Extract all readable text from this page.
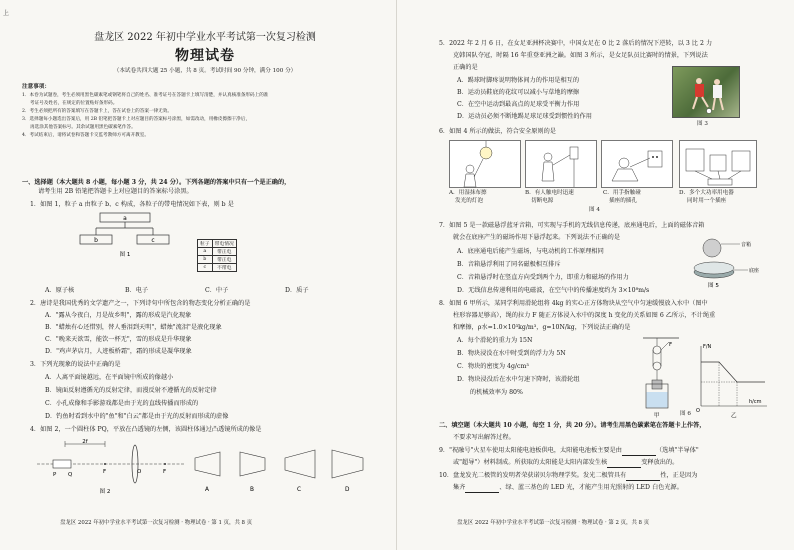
上
盘龙区 2022 年初中学业水平考试第一次复习检测
物理试卷
（本试卷共四大题 25 小题，共 8 页。考试时间 90 分钟，满分 100 分）
注意事项：
1．本卷为试题卷，考生必须用黑色碳素笔或钢笔将自己的姓名、准考证号在答题卡上填写清楚，并认真核准条形码上的准
考证号及姓名，在规定的位置贴好条形码。
2．考生必须把所有的答案填写在答题卡上，答在试卷上的答案一律无效。
3．选择题每小题选出答案后，用 2B 铅笔把答题卡上对应题目的答案标号涂黑，如需改动，用橡皮擦擦干净后，
再选涂其他答案标号。其余试题用黑色碳素笔作答。
4．考试结束后，请将试卷和答题卡交监考教师方可离开教室。
一、选择题（本大题共 8 小题，每小题 3 分，共 24 分）。下列各题的答案中只有一个是正确的，
请考生用 2B 铅笔把答题卡上对应题目的答案标号涂黑。
1．如图 1，粒子 a 由粒子 b、c 构成，各粒子的带电情况如下表，则 b 是
a
b	c
图 1
粒子	带电情况
a	带正电
b	带正电
c	不带电
A．原子核	B．电子	C．中子	D．质子
2．唐诗是我国优秀的文学遗产之一，下列诗句中所包含的物态变化分析正确的是
A．"露从今夜白，月是故乡明"，露的形成是汽化现象
B．"蜡烛有心还惜别，替人垂泪到天明"，蜡烛"流泪"是液化现象
C．"晚来天欲雪，能饮一杯无"，雪的形成是升华现象
D．"鸡声茅店月，人迹板桥霜"，霜的形成是凝华现象
3．下列光现象的说法中正确的是
A．人离平面镜越远，在平面镜中所成的像越小
B．镜面反射遵循光的反射定律，而漫反射不遵循光的反射定律
C．小孔成像和手影游戏都是由于光的直线传播而形成的
D．钓鱼时看到水中的"鱼"和"白云"都是由于光的反射而形成的虚像
4．如图 2，一个圆柱体 PQ，平放在凸透镜的左侧，该圆柱体通过凸透镜所成的像是
2f
P Q	F	O	F
图 2	A	B	C	D
盘龙区 2022 年初中学业水平考试第一次复习检测 · 物理试卷 · 第 1 页，共 8 页
5．2022 年 2 月 6 日，在女足亚洲杯决赛中，中国女足在 0 比 2 落后的情况下逆转，以 3 比 2 力
克韩国队夺冠，时隔 16 年重登亚洲之巅。如图 3 所示，是女足队员比赛时的情景，下列说法
正确的是
A．踢球时脚疼说明物体间力的作用是相互的
B．运动员鞋底的花纹可以减小与草地的摩擦
C．在空中运动到最高点的足球受平衡力作用
D．运动员必须不断地踢足球足球受到惯性的作用
图 3
6．如图 4 所示的做法，符合安全原则的是
A．用湿抹布擦
发光的灯泡
B．有人触电时迅速
切断电源
C．用手指触碰
插座的插孔
D．多个大功率用电器
同时用一个插座
图 4
7．如图 5 是一款磁悬浮蓝牙音箱，可实现与手机的无线信息传递，底座通电后，上面的磁体音箱
就会在底座产生的磁场作用下悬浮起来。下列说法不正确的是
A．底座通电后能产生磁场，与电动机的工作原理相同
B．音箱悬浮利用了同名磁极相互排斥
C．音箱悬浮时在竖直方向受到两个力，即重力和磁场的作用力
D．无线信息传递利用的电磁波，在空气中的传播速度约为 3×10⁸m/s
音箱
底座
图 5
8．如图 6 甲所示，某同学利用滑轮组将 4kg 的实心正方体物块从空气中匀速缓慢放入水中（图中
柱形容器足够高），绳的拉力 F 随正方体浸入水中的深度 h 变化的关系如图 6 乙所示，不计绳重
和摩擦，ρ水=1.0×10³kg/m³，g=10N/kg，下列说法正确的是
A．每个滑轮的重力为 15N
B．物块浸没在水中时受到的浮力为 5N
C．物块的密度为 4g/cm³
D．物块浸没后在水中匀速下降时，该滑轮组
的机械效率为 80%
F
甲
F/N
h/cm
O
乙
图 6
二、填空题（本大题共 10 小题，每空 1 分，共 20 分）。请考生用黑色碳素笔在答题卡上作答，
不要求写出解答过程。
9．"祝融号"火星车使用太阳能电池板供电，太阳能电池板主要是由	（选填"半导体"
或"超导"）材料制成。所获取的太阳能是太阳内部发生核	变释放出的。
10．盘龙发光二极管的发明者荣获诺贝尔物理学奖。发光二极管具有	性，正是因为
集齐	、绿、蓝三基色的 LED 光，才能产生用光照射的 LED 白色光源。
盘龙区 2022 年初中学业水平考试第一次复习检测 · 物理试卷 · 第 2 页，共 8 页
